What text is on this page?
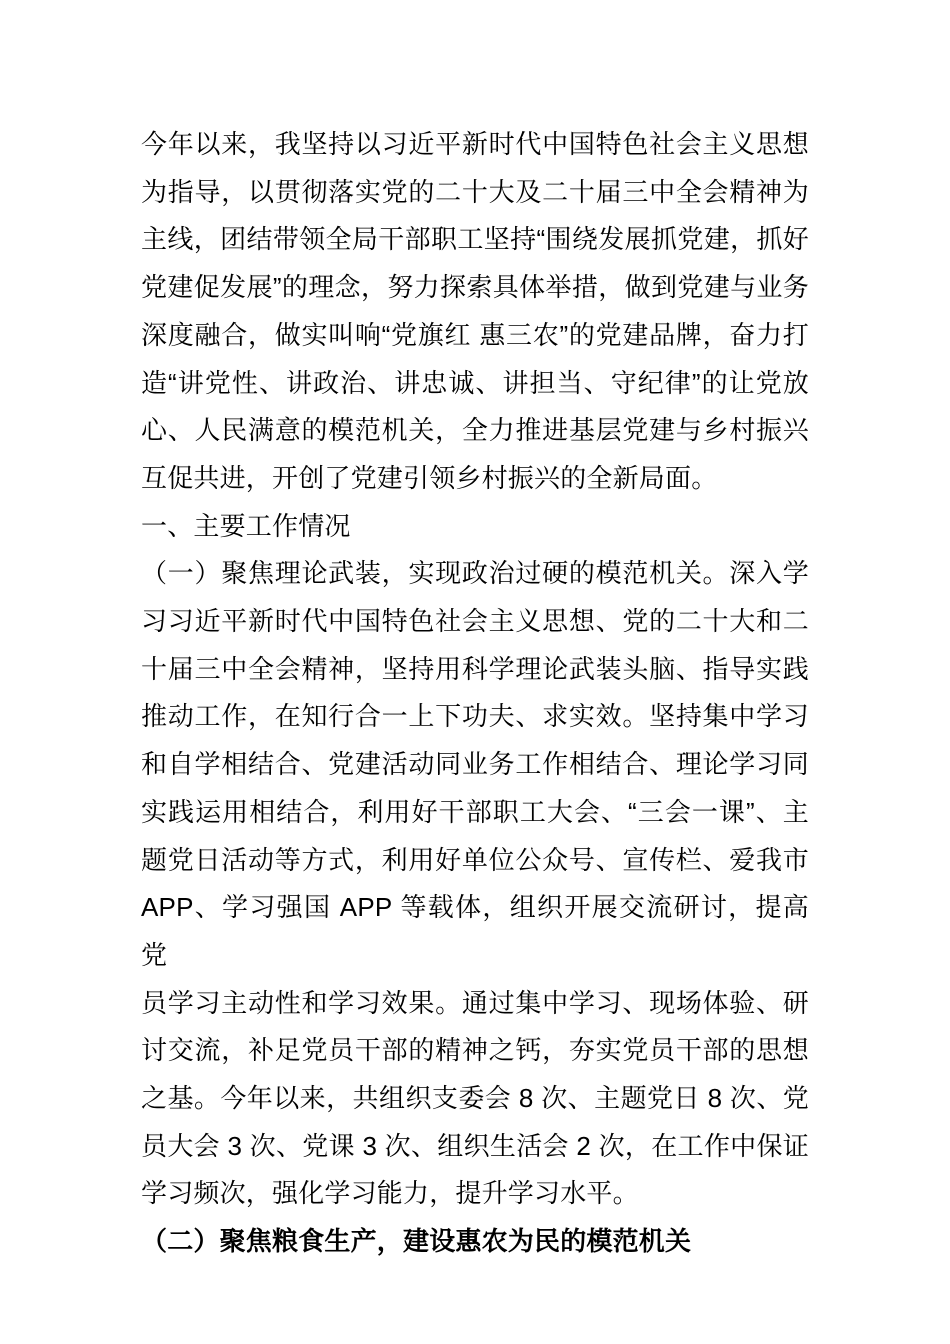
今年以来，我坚持以习近平新时代中国特色社会主义思想
为指导，以贯彻落实党的二十大及二十届三中全会精神为
主线，团结带领全局干部职工坚持“围绕发展抓党建，抓好
党建促发展”的理念，努力探索具体举措，做到党建与业务
深度融合，做实叫响“党旗红 惠三农”的党建品牌，奋力打
造“讲党性、讲政治、讲忠诚、讲担当、守纪律”的让党放
心、人民满意的模范机关，全力推进基层党建与乡村振兴
互促共进，开创了党建引领乡村振兴的全新局面。
一、主要工作情况
（一）聚焦理论武装，实现政治过硬的模范机关。深入学
习习近平新时代中国特色社会主义思想、党的二十大和二
十届三中全会精神，坚持用科学理论武装头脑、指导实践
推动工作，在知行合一上下功夫、求实效。坚持集中学习
和自学相结合、党建活动同业务工作相结合、理论学习同
实践运用相结合，利用好干部职工大会、“三会一课”、主
题党日活动等方式，利用好单位公众号、宣传栏、爱我市
APP、学习强国 APP 等载体，组织开展交流研讨，提高党
员学习主动性和学习效果。通过集中学习、现场体验、研
讨交流，补足党员干部的精神之钙，夯实党员干部的思想
之基。今年以来，共组织支委会 8 次、主题党日 8 次、党
员大会 3 次、党课 3 次、组织生活会 2 次，在工作中保证
学习频次，强化学习能力，提升学习水平。
（二）聚焦粮食生产，建设惠农为民的模范机关
